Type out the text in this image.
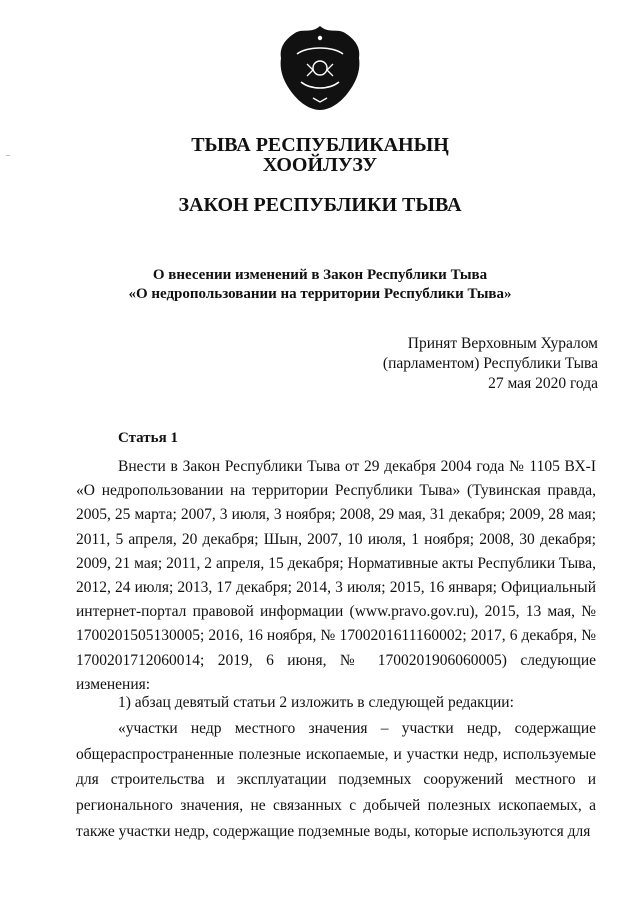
ТЫВА РЕСПУБЛИКАНЫҢ
ХООЙЛУЗУ
ЗАКОН РЕСПУБЛИКИ ТЫВА
О внесении изменений в Закон Республики Тыва
«О недропользовании на территории Республики Тыва»
Принят Верховным Хуралом
(парламентом) Республики Тыва
27 мая 2020 года
Статья 1
Внести в Закон Республики Тыва от 29 декабря 2004 года № 1105 ВХ-I «О недропользовании на территории Республики Тыва» (Тувинская правда, 2005, 25 марта; 2007, 3 июля, 3 ноября; 2008, 29 мая, 31 декабря; 2009, 28 мая; 2011, 5 апреля, 20 декабря; Шын, 2007, 10 июля, 1 ноября; 2008, 30 декабря; 2009, 21 мая; 2011, 2 апреля, 15 декабря; Нормативные акты Республики Тыва, 2012, 24 июля; 2013, 17 декабря; 2014, 3 июля; 2015, 16 января; Официальный интернет-портал правовой информации (www.pravo.gov.ru), 2015, 13 мая, № 1700201505130005; 2016, 16 ноября, № 1700201611160002; 2017, 6 декабря, № 1700201712060014; 2019, 6 июня, № 1700201906060005) следующие изменения:
1) абзац девятый статьи 2 изложить в следующей редакции:
«участки недр местного значения – участки недр, содержащие общераспространенные полезные ископаемые, и участки недр, используемые для строительства и эксплуатации подземных сооружений местного и регионального значения, не связанных с добычей полезных ископаемых, а также участки недр, содержащие подземные воды, которые используются для
